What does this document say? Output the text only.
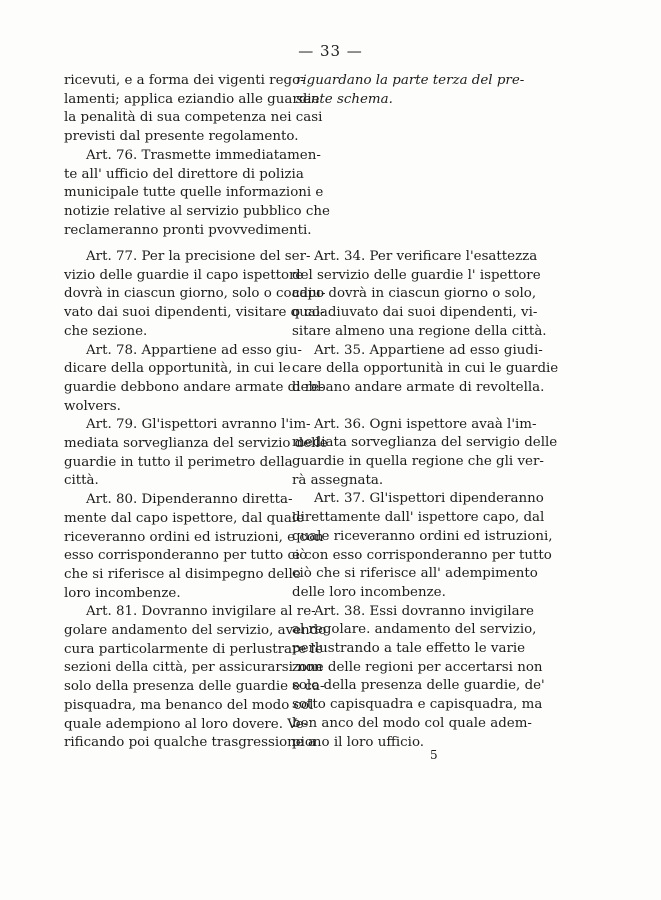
— 33 —
ricevuti, e a forma dei vigenti rego-
lamenti; applica eziandio alle guardie
la penalità di sua competenza nei casi
previsti dal presente regolamento.
Art. 76. Trasmette immediatamen-
te all' ufficio del direttore di polizia
municipale tutte quelle informazioni e
notizie relative al servizio pubblico che
reclameranno pronti pvovvedimenti.
riguardano la parte terza del pre-
sente schema.
Art. 77. Per la precisione del ser-
vizio delle guardie il capo ispettore
dovrà in ciascun giorno, solo o coadiu-
vato dai suoi dipendenti, visitare qual-
che sezione.
Art. 78. Appartiene ad esso giu-
dicare della opportunità, in cui le
guardie debbono andare armate di re-
wolvers.
Art. 79. Gl'ispettori avranno l'im-
mediata sorveglianza del servizio delle
guardie in tutto il perimetro della
città.
Art. 80. Dipenderanno diretta-
mente dal capo ispettore, dal quale
riceveranno ordini ed istruzioni, e con
esso corrisponderanno per tutto ciò
che si riferisce al disimpegno delle
loro incombenze.
Art. 81. Dovranno invigilare al re-
golare andamento del servizio, avendo
cura particolarmente di perlustrare le
sezioni della città, per assicurarsi non
solo della presenza delle guardie e ca-
pisquadra, ma benanco del modo col
quale adempiono al loro dovere. Ve-
rificando poi qualche trasgressione a
Art. 34. Per verificare l'esattezza
del servizio delle guardie l' ispettore
capo dovrà in ciascun giorno o solo,
o coadiuvato dai suoi dipendenti, vi-
sitare almeno una regione della città.
Art. 35. Appartiene ad esso giudi-
care della opportunità in cui le guardie
debbano andare armate di revoltella.
Art. 36. Ogni ispettore avaà l'im-
mediata sorveglianza del servigio delle
guardie in quella regione che gli ver-
rà assegnata.
Art. 37. Gl'ispettori dipenderanno
direttamente dall' ispettore capo, dal
quale riceveranno ordini ed istruzioni,
e con esso corrisponderanno per tutto
ciò che si riferisce all' adempimento
delle loro incombenze.
Art. 38. Essi dovranno invigilare
al regolare. andamento del servizio,
perlustrando a tale effetto le varie
zone delle regioni per accertarsi non
solo della presenza delle guardie, de'
sotto capisquadra e capisquadra, ma
ben anco del modo col quale adem-
piono il loro ufficio.
5
